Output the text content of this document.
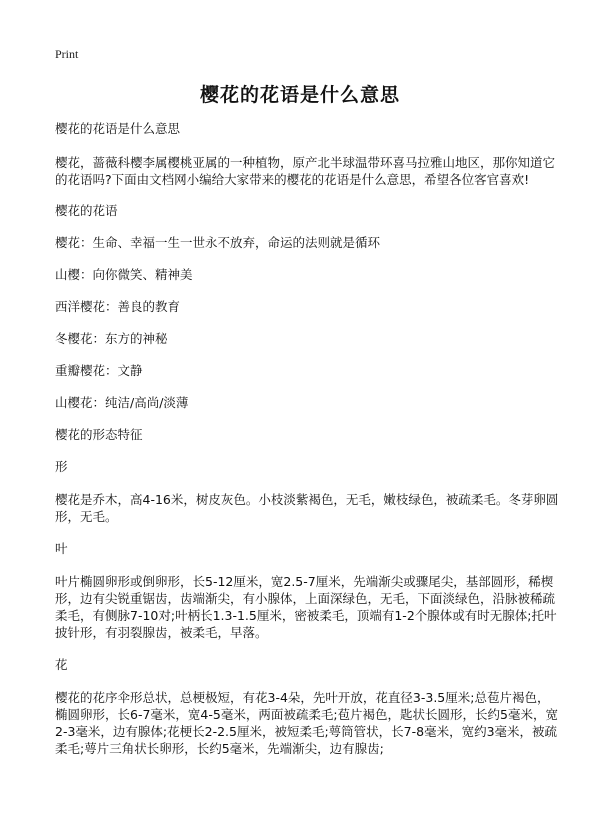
Print
樱花的花语是什么意思

樱花的花语是什么意思

樱花，蔷薇科樱李属樱桃亚属的一种植物，原产北半球温带环喜马拉雅山地区，那你知道它的花语吗?下面由文档网小编给大家带来的樱花的花语是什么意思，希望各位客官喜欢!

樱花的花语

樱花：生命、幸福一生一世永不放弃，命运的法则就是循环

山樱：向你微笑、精神美

西洋樱花：善良的教育

冬樱花：东方的神秘

重瓣樱花：文静

山樱花：纯洁/高尚/淡薄

樱花的形态特征

形

樱花是乔木，高4-16米，树皮灰色。小枝淡紫褐色，无毛，嫩枝绿色，被疏柔毛。冬芽卵圆形，无毛。

叶

叶片椭圆卵形或倒卵形，长5-12厘米，宽2.5-7厘米，先端渐尖或骤尾尖，基部圆形，稀楔形，边有尖锐重锯齿，齿端渐尖，有小腺体，上面深绿色，无毛，下面淡绿色，沿脉被稀疏柔毛，有侧脉7-10对;叶柄长1.3-1.5厘米，密被柔毛，顶端有1-2个腺体或有时无腺体;托叶披针形，有羽裂腺齿，被柔毛，早落。

花

樱花的花序伞形总状，总梗极短，有花3-4朵，先叶开放，花直径3-3.5厘米;总苞片褐色，椭圆卵形，长6-7毫米，宽4-5毫米，两面被疏柔毛;苞片褐色，匙状长圆形，长约5毫米，宽2-3毫米，边有腺体;花梗长2-2.5厘米，被短柔毛;萼筒管状，长7-8毫米，宽约3毫米，被疏柔毛;萼片三角状长卵形，长约5毫米，先端渐尖，边有腺齿;
